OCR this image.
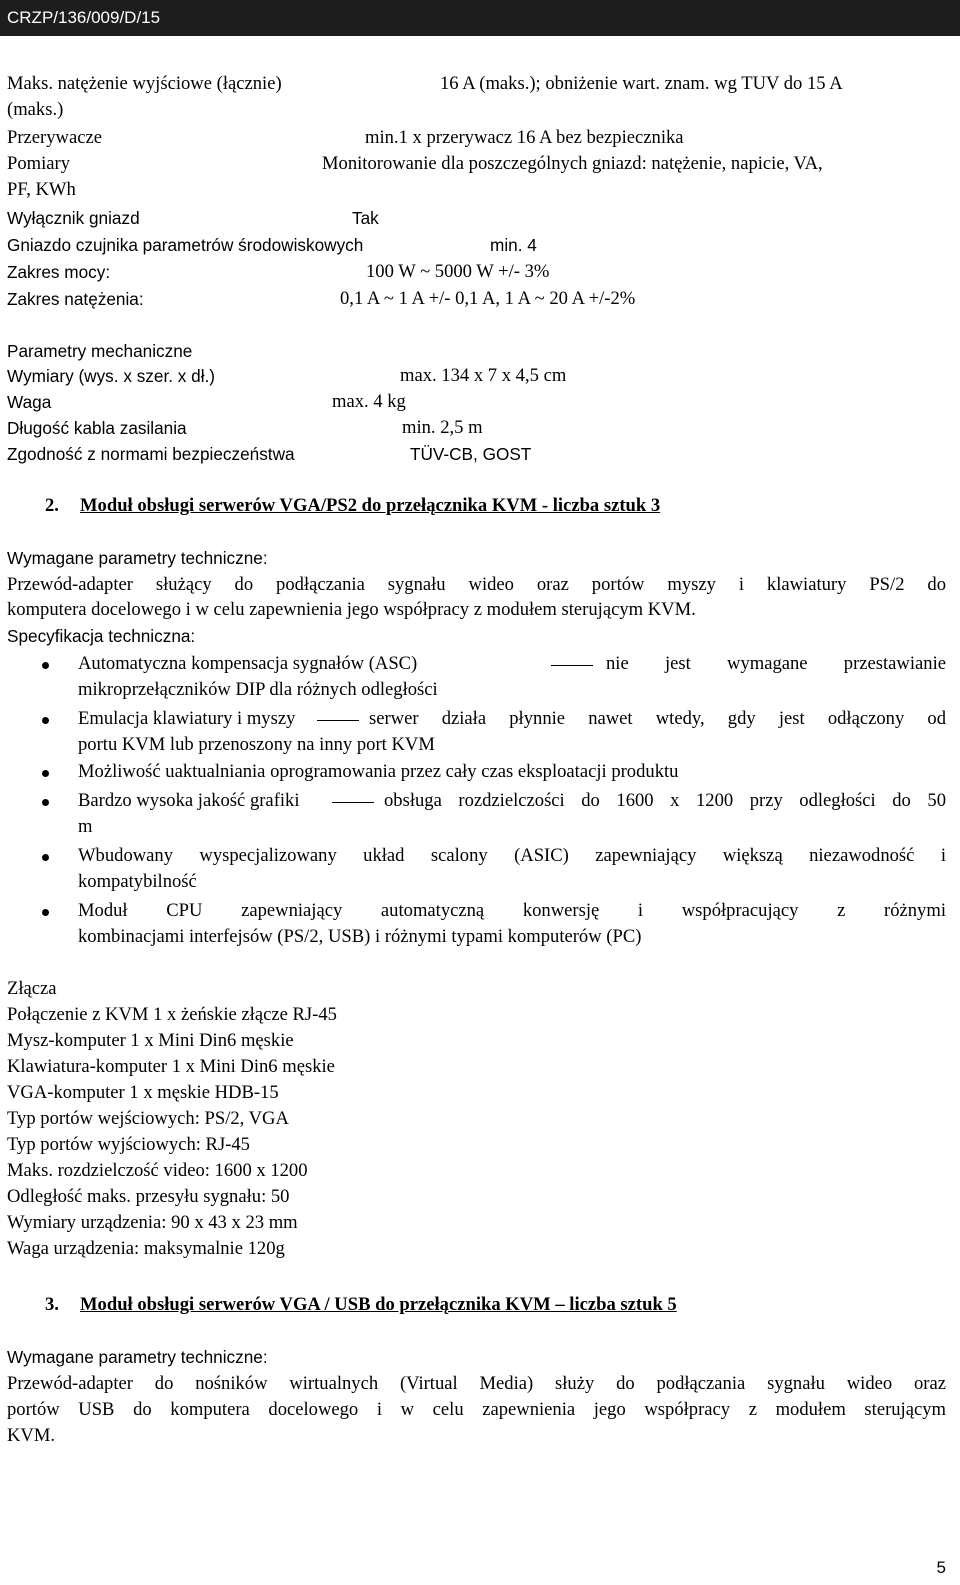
CRZP/136/009/D/15
Maks. natężenie wyjściowe (łącznie)	16 A (maks.); obniżenie wart. znam. wg TUV do 15 A
(maks.)
Przerywacze	min.1 x przerywacz 16 A bez bezpiecznika
Pomiary	Monitorowanie dla poszczególnych gniazd: natężenie, napicie, VA,
PF, KWh
Wyłącznik gniazd	Tak
Gniazdo czujnika parametrów środowiskowych	min. 4
Zakres mocy:	100 W ~ 5000 W +/- 3%
Zakres natężenia:	0,1 A ~ 1 A +/- 0,1 A, 1 A ~ 20 A +/-2%
Parametry mechaniczne
Wymiary (wys. x szer. x dł.)	max. 134 x 7 x 4,5 cm
Waga	max. 4 kg
Długość kabla zasilania	min. 2,5 m
Zgodność z normami bezpieczeństwa	TÜV-CB, GOST
2. Moduł obsługi serwerów VGA/PS2 do przełącznika KVM - liczba sztuk 3
Wymagane parametry techniczne:
Przewód-adapter służący do podłączania sygnału wideo oraz portów myszy i klawiatury PS/2 do
komputera docelowego i w celu zapewnienia jego współpracy z modułem sterującym KVM.
Specyfikacja techniczna:
Automatyczna kompensacja sygnałów (ASC)	nie jest wymagane przestawianie
mikroprzełączników DIP dla różnych odległości
Emulacja klawiatury i myszy	serwer działa płynnie nawet wtedy, gdy jest odłączony od
portu KVM lub przenoszony na inny port KVM
Możliwość uaktualniania oprogramowania przez cały czas eksploatacji produktu
Bardzo wysoka jakość grafiki	obsługa rozdzielczości do 1600 x 1200 przy odległości do 50
m
Wbudowany wyspecjalizowany układ scalony (ASIC) zapewniający większą niezawodność i
kompatybilność
Moduł CPU zapewniający automatyczną konwersję i współpracujący z różnymi
kombinacjami interfejsów (PS/2, USB) i różnymi typami komputerów (PC)
Złącza
Połączenie z KVM 1 x żeńskie złącze RJ-45
Mysz-komputer 1 x Mini Din6 męskie
Klawiatura-komputer 1 x Mini Din6 męskie
VGA-komputer 1 x męskie HDB-15
Typ portów wejściowych: PS/2, VGA
Typ portów wyjściowych: RJ-45
Maks. rozdzielczość video: 1600 x 1200
Odległość maks. przesyłu sygnału: 50
Wymiary urządzenia: 90 x 43 x 23 mm
Waga urządzenia: maksymalnie 120g
3. Moduł obsługi serwerów VGA / USB do przełącznika KVM – liczba sztuk 5
Wymagane parametry techniczne:
Przewód-adapter do nośników wirtualnych (Virtual Media) służy do podłączania sygnału wideo oraz
portów USB do komputera docelowego i w celu zapewnienia jego współpracy z modułem sterującym
KVM.
5
